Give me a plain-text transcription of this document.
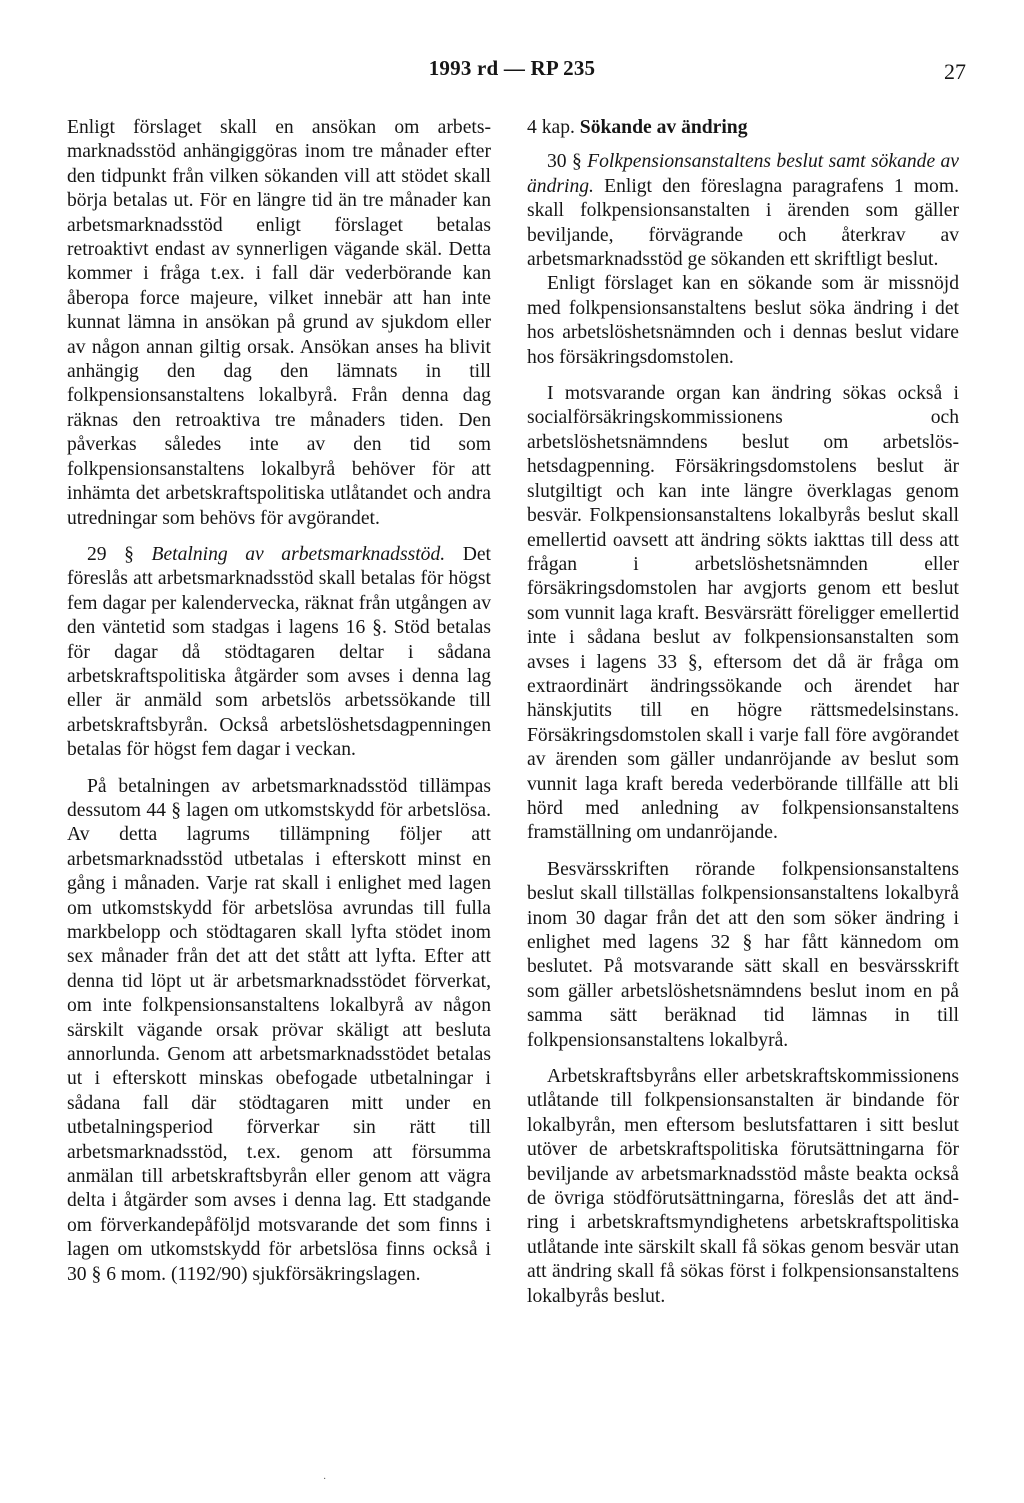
1993 rd — RP 235	27

Enligt förslaget skall en ansökan om arbetsmarknadsstöd anhängiggöras inom tre månader efter den tidpunkt från vilken sökanden vill att stödet skall börja betalas ut. För en längre tid än tre månader kan arbetsmarknadsstöd enligt förslaget betalas retroaktivt endast av synnerligen vägande skäl. Detta kommer i fråga t.ex. i fall där vederbörande kan åberopa force majeure, vilket innebär att han inte kunnat lämna in ansökan på grund av sjukdom eller av någon annan giltig orsak. Ansökan anses ha blivit anhängig den dag den lämnats in till folkpensionsanstaltens lokalbyrå. Från denna dag räknas den retroaktiva tre månaders tiden. Den påverkas således inte av den tid som folkpensionsanstaltens lokalbyrå behöver för att inhämta det arbetskraftspolitiska utlåtandet och andra utredningar som behövs för avgörandet.

29 § Betalning av arbetsmarknadsstöd. Det föreslås att arbetsmarknadsstöd skall betalas för högst fem dagar per kalendervecka, räknat från utgången av den väntetid som stadgas i lagens 16 §. Stöd betalas för dagar då stödtagaren deltar i sådana arbetskraftspolitiska åtgärder som avses i denna lag eller är anmäld som arbetslös arbetssökande till arbetskraftsbyrån. Också arbetslöshetsdagpenningen betalas för högst fem dagar i veckan.

På betalningen av arbetsmarknadsstöd tillämpas dessutom 44 § lagen om utkomstskydd för arbetslösa. Av detta lagrums tillämpning följer att arbetsmarknadsstöd utbetalas i efterskott minst en gång i månaden. Varje rat skall i enlighet med lagen om utkomstskydd för arbetslösa avrundas till fulla markbelopp och stödtagaren skall lyfta stödet inom sex månader från det att det stått att lyfta. Efter att denna tid löpt ut är arbetsmarknadsstödet förverkat, om inte folkpensionsanstaltens lokalbyrå av någon särskilt vägande orsak prövar skäligt att besluta annorlunda. Genom att arbetsmarknadsstödet betalas ut i efterskott minskas obefogade utbetalningar i sådana fall där stödtagaren mitt under en utbetalningsperiod förverkar sin rätt till arbetsmarknadsstöd, t.ex. genom att försumma anmälan till arbetskraftsbyrån eller genom att vägra delta i åtgärder som avses i denna lag. Ett stadgande om förverkandepåföljd motsvarande det som finns i lagen om utkomstskydd för arbetslösa finns också i 30 § 6 mom. (1192/90) sjukförsäkringslagen.

4 kap. Sökande av ändring

30 § Folkpensionsanstaltens beslut samt sökande av ändring. Enligt den föreslagna paragrafens 1 mom. skall folkpensionsanstalten i ärenden som gäller beviljande, förvägrande och återkrav av arbetsmarknadsstöd ge sökanden ett skriftligt beslut.

Enligt förslaget kan en sökande som är missnöjd med folkpensionsanstaltens beslut söka ändring i det hos arbetslöshetsnämnden och i dennas beslut vidare hos försäkringsdomstolen.

I motsvarande organ kan ändring sökas också i socialförsäkringskommissionens och arbetslöshetsnämndens beslut om arbetslöshetsdagpenning. Försäkringsdomstolens beslut är slutgiltigt och kan inte längre överklagas genom besvär. Folkpensionsanstaltens lokalbyrås beslut skall emellertid oavsett att ändring sökts iakttas till dess att frågan i arbetslöshetsnämnden eller försäkringsdomstolen har avgjorts genom ett beslut som vunnit laga kraft. Besvärsrätt föreligger emellertid inte i sådana beslut av folkpensionsanstalten som avses i lagens 33 §, eftersom det då är fråga om extraordinärt ändringssökande och ärendet har hänskjutits till en högre rättsmedelsinstans. Försäkringsdomstolen skall i varje fall före avgörandet av ärenden som gäller undanröjande av beslut som vunnit laga kraft bereda vederbörande tillfälle att bli hörd med anledning av folkpensionsanstaltens framställning om undanröjande.

Besvärsskriften rörande folkpensionsanstaltens beslut skall tillställas folkpensionsanstaltens lokalbyrå inom 30 dagar från det att den som söker ändring i enlighet med lagens 32 § har fått kännedom om beslutet. På motsvarande sätt skall en besvärsskrift som gäller arbetslöshetsnämndens beslut inom en på samma sätt beräknad tid lämnas in till folkpensionsanstaltens lokalbyrå.

Arbetskraftsbyråns eller arbetskraftskommissionens utlåtande till folkpensionsanstalten är bindande för lokalbyrån, men eftersom beslutsfattaren i sitt beslut utöver de arbetskraftspolitiska förutsättningarna för beviljande av arbetsmarknadsstöd måste beakta också de övriga stödförutsättningarna, föreslås det att ändring i arbetskraftsmyndighetens arbetskraftspolitiska utlåtande inte särskilt skall få sökas genom besvär utan att ändring skall få sökas först i folkpensionsanstaltens lokalbyrås beslut.

·
